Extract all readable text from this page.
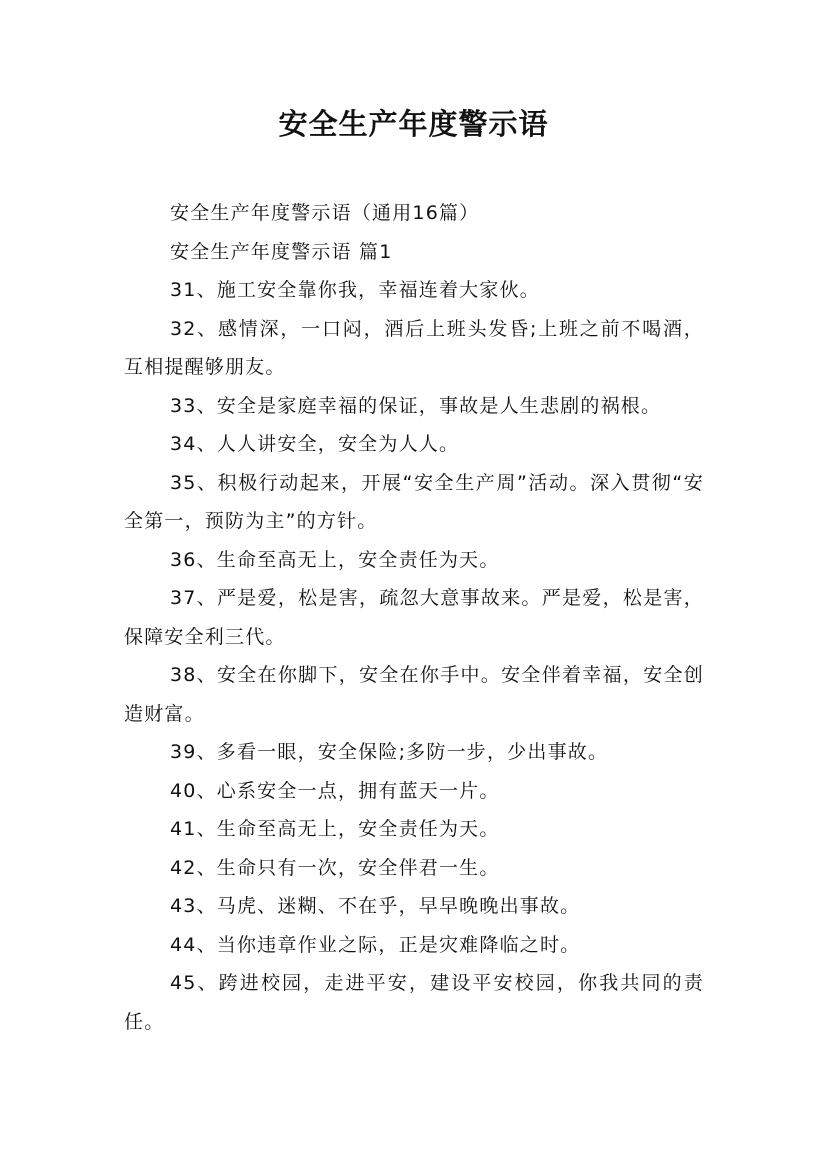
安全生产年度警示语

安全生产年度警示语（通用16篇）

安全生产年度警示语 篇1

31、施工安全靠你我，幸福连着大家伙。

32、感情深，一口闷，酒后上班头发昏;上班之前不喝酒，互相提醒够朋友。

33、安全是家庭幸福的保证，事故是人生悲剧的祸根。

34、人人讲安全，安全为人人。

35、积极行动起来，开展“安全生产周”活动。深入贯彻“安全第一，预防为主”的方针。

36、生命至高无上，安全责任为天。

37、严是爱，松是害，疏忽大意事故来。严是爱，松是害，保障安全利三代。

38、安全在你脚下，安全在你手中。安全伴着幸福，安全创造财富。

39、多看一眼，安全保险;多防一步，少出事故。

40、心系安全一点，拥有蓝天一片。

41、生命至高无上，安全责任为天。

42、生命只有一次，安全伴君一生。

43、马虎、迷糊、不在乎，早早晚晚出事故。

44、当你违章作业之际，正是灾难降临之时。

45、跨进校园，走进平安，建设平安校园，你我共同的责任。
